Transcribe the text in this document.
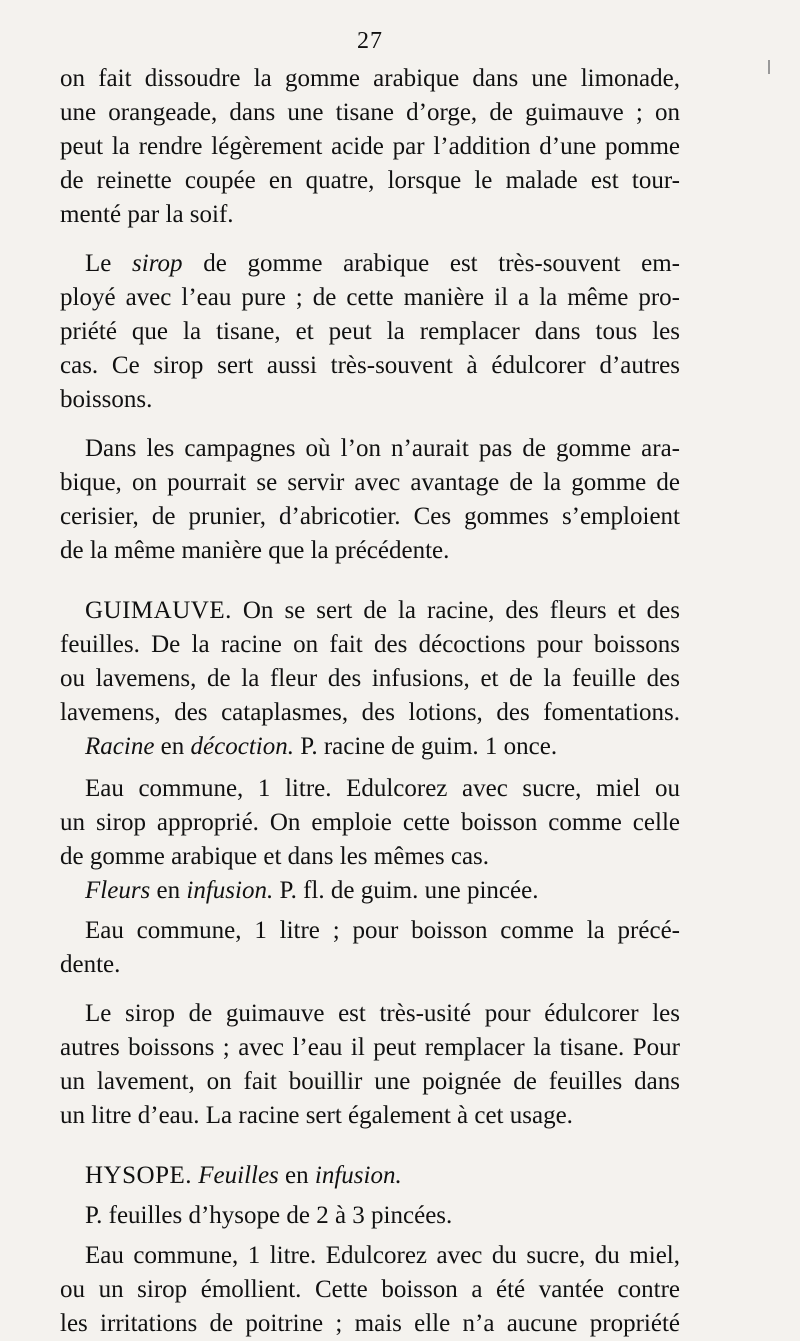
27

on fait dissoudre la gomme arabique dans une limonade,
une orangeade, dans une tisane d’orge, de guimauve ; on
peut la rendre légèrement acide par l’addition d’une pomme
de reinette coupée en quatre, lorsque le malade est tour-
menté par la soif.

 Le sirop de gomme arabique est très-souvent em-
ployé avec l’eau pure ; de cette manière il a la même pro-
priété que la tisane, et peut la remplacer dans tous les
cas. Ce sirop sert aussi très-souvent à édulcorer d’autres
boissons.

 Dans les campagnes où l’on n’aurait pas de gomme ara-
bique, on pourrait se servir avec avantage de la gomme de
cerisier, de prunier, d’abricotier. Ces gommes s’emploient
de la même manière que la précédente.

 GUIMAUVE. On se sert de la racine, des fleurs et des
feuilles. De la racine on fait des décoctions pour boissons
ou lavemens, de la fleur des infusions, et de la feuille des
lavemens, des cataplasmes, des lotions, des fomentations.

 Racine en décoction. P. racine de guim. 1 once.

 Eau commune, 1 litre. Edulcorez avec sucre, miel ou
un sirop approprié. On emploie cette boisson comme celle
de gomme arabique et dans les mêmes cas.

 Fleurs en infusion. P. fl. de guim. une pincée.

 Eau commune, 1 litre ; pour boisson comme la précé-
dente.

 Le sirop de guimauve est très-usité pour édulcorer les
autres boissons ; avec l’eau il peut remplacer la tisane. Pour
un lavement, on fait bouillir une poignée de feuilles dans
un litre d’eau. La racine sert également à cet usage.

 HYSOPE. Feuilles en infusion.

 P. feuilles d’hysope de 2 à 3 pincées.

 Eau commune, 1 litre. Edulcorez avec du sucre, du miel,
ou un sirop émollient. Cette boisson a été vantée contre
les irritations de poitrine ; mais elle n’a aucune propriété
